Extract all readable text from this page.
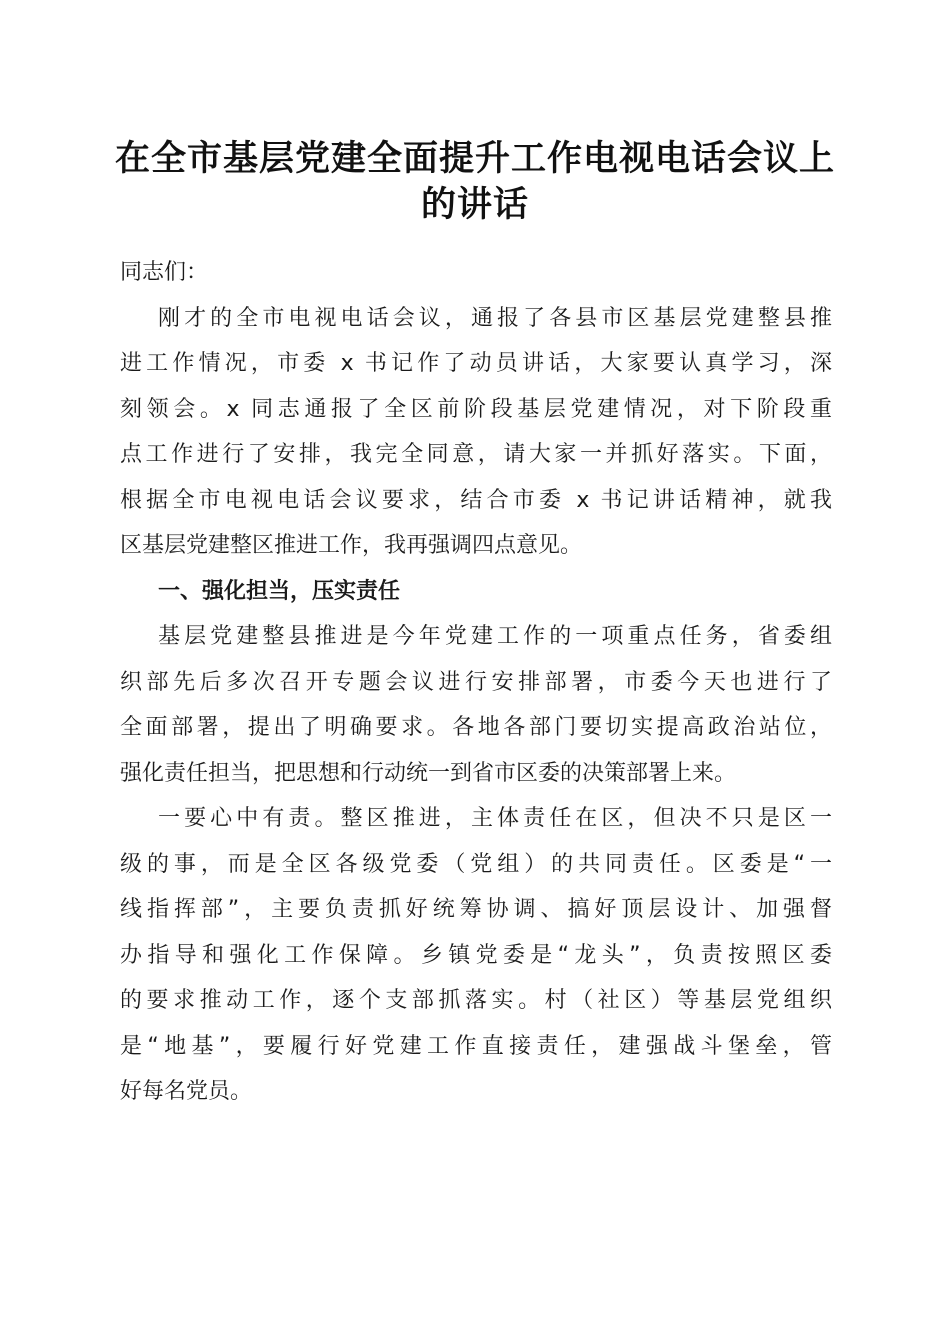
在全市基层党建全面提升工作电视电话会议上
的讲话
同志们：
刚才的全市电视电话会议，通报了各县市区基层党建整县推
进工作情况，市委 x 书记作了动员讲话，大家要认真学习，深
刻领会。x 同志通报了全区前阶段基层党建情况，对下阶段重
点工作进行了安排，我完全同意，请大家一并抓好落实。下面，
根据全市电视电话会议要求，结合市委 x 书记讲话精神，就我
区基层党建整区推进工作，我再强调四点意见。
一、强化担当，压实责任
基层党建整县推进是今年党建工作的一项重点任务，省委组
织部先后多次召开专题会议进行安排部署，市委今天也进行了
全面部署，提出了明确要求。各地各部门要切实提高政治站位，
强化责任担当，把思想和行动统一到省市区委的决策部署上来。
一要心中有责。整区推进，主体责任在区，但决不只是区一
级的事，而是全区各级党委（党组）的共同责任。区委是“一
线指挥部”，主要负责抓好统筹协调、搞好顶层设计、加强督
办指导和强化工作保障。乡镇党委是“龙头”，负责按照区委
的要求推动工作，逐个支部抓落实。村（社区）等基层党组织
是“地基”，要履行好党建工作直接责任，建强战斗堡垒，管
好每名党员。
